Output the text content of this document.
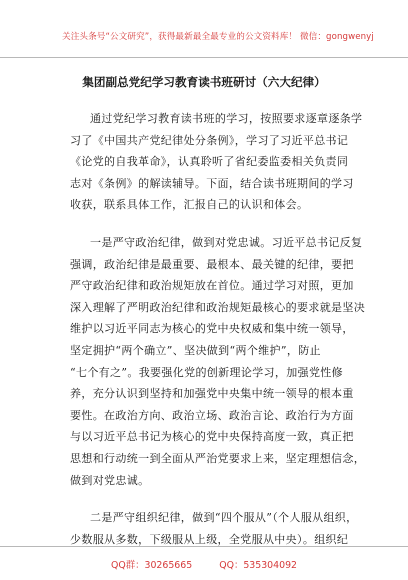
关注头条号“公文研究”，获得最新最全最专业的公文资料库！ 微信：gongwenyj
集团副总党纪学习教育读书班研讨（六大纪律）
通过党纪学习教育读书班的学习，按照要求逐章逐条学
习了《中国共产党纪律处分条例》，学习了习近平总书记
《论党的自我革命》，认真聆听了省纪委监委相关负责同
志对《条例》的解读辅导。下面，结合读书班期间的学习
收获，联系具体工作，汇报自己的认识和体会。
一是严守政治纪律，做到对党忠诚。习近平总书记反复
强调，政治纪律是最重要、最根本、最关键的纪律，要把
严守政治纪律和政治规矩放在首位。通过学习对照，更加
深入理解了严明政治纪律和政治规矩最核心的要求就是坚决
维护以习近平同志为核心的党中央权威和集中统一领导，
坚定拥护“两个确立”、坚决做到“两个维护”，防止
“七个有之”。我要强化党的创新理论学习，加强党性修
养，充分认识到坚持和加强党中央集中统一领导的根本重
要性。在政治方向、政治立场、政治言论、政治行为方面
与以习近平总书记为核心的党中央保持高度一致，真正把
思想和行动统一到全面从严治党要求上来，坚定理想信念，
做到对党忠诚。
二是严守组织纪律，做到“四个服从”（个人服从组织，
少数服从多数，下级服从上级，全党服从中央）。组织纪
QQ群：30265665	QQ：535304092
